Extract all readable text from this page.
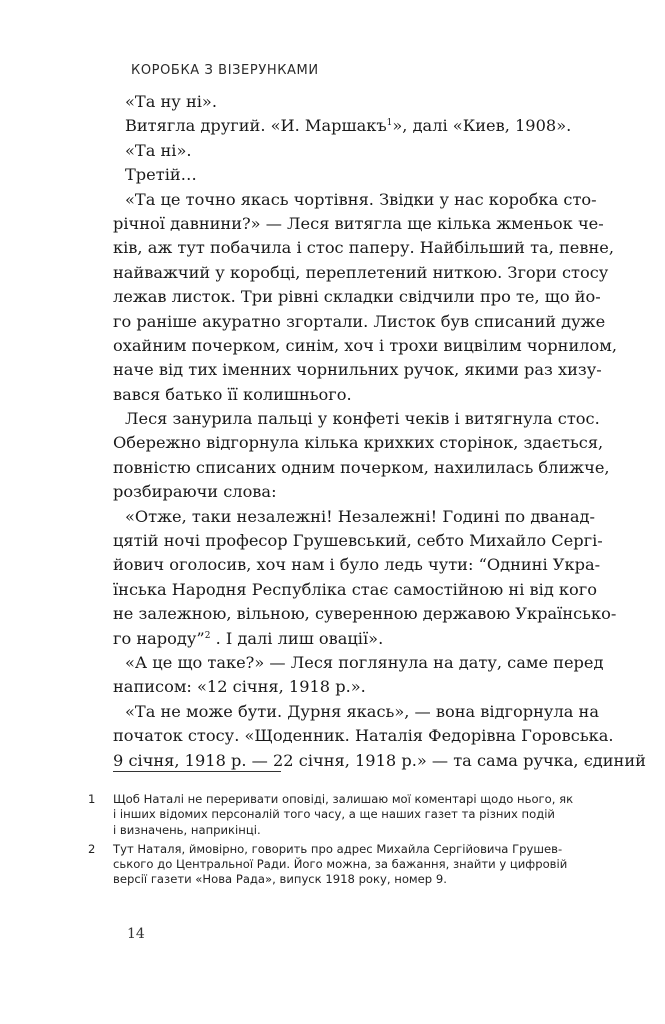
КОРОБКА З ВІЗЕРУНКАМИ
«Та ну ні».
Витягла другий. «И. Маршакъ$^1$», далі «Киев, 1908».
«Та ні».
Третій…
«Та це точно якась чортівня. Звідки у нас коробка сто-
річної давнини?» — Леся витягла ще кілька жменьок че-
ків, аж тут побачила і стос паперу. Найбільший та, певне,
найважчий у коробці, переплетений ниткою. Згори стосу
лежав листок. Три рівні складки свідчили про те, що йо-
го раніше акуратно згортали. Листок був списаний дуже
охайним почерком, синім, хоч і трохи вицвілим чорнилом,
наче від тих іменних чорнильних ручок, якими раз хизу-
вався батько її колишнього.
Леся занурила пальці у конфеті чеків і витягнула стос.
Обережно відгорнула кілька крихких сторінок, здається,
повністю списаних одним почерком, нахилилась ближче,
розбираючи слова:
«Отже, таки незалежні! Незалежні! Годині по дванад-
цятій ночі професор Грушевський, себто Михайло Сергі-
йович оголосив, хоч нам і було ледь чути: “Однині Укра-
їнська Народня Республіка стає самостійною ні від кого
не залежною, вільною, суверенною державою Українсько-
го народу”$^2$ . І далі лиш овації».
«А це що таке?» — Леся поглянула на дату, саме перед
написом: «12 січня, 1918 р.».
«Та не може бути. Дурня якась», — вона відгорнула на
початок стосу. «Щоденник. Наталія Федорівна Горовська.
9 січня, 1918 р. — 22 січня, 1918 р.» — та сама ручка, єдиний
1 Щоб Наталі не переривати оповіді, залишаю мої коментарі щодо нього, як
і інших відомих персоналій того часу, а ще наших газет та різних подій
і визначень, наприкінці.
2 Тут Наталя, ймовірно, говорить про адрес Михайла Сергійовича Грушев-
ського до Центральної Ради. Його можна, за бажання, знайти у цифровій
версії газети «Нова Рада», випуск 1918 року, номер 9.
14
